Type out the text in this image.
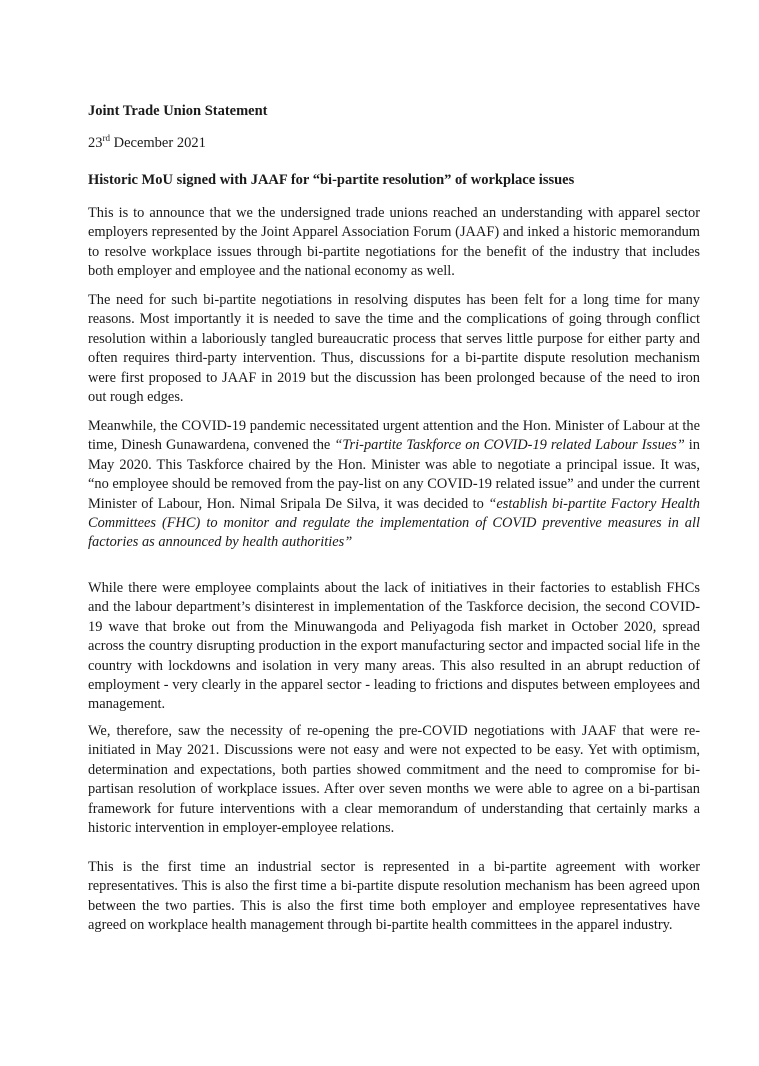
Joint Trade Union Statement
23rd December 2021
Historic MoU signed with JAAF for “bi-partite resolution” of workplace issues

This is to announce that we the undersigned trade unions reached an understanding with apparel sector employers represented by the Joint Apparel Association Forum (JAAF) and inked a historic memorandum to resolve workplace issues through bi-partite negotiations for the benefit of the industry that includes both employer and employee and the national economy as well.

The need for such bi-partite negotiations in resolving disputes has been felt for a long time for many reasons. Most importantly it is needed to save the time and the complications of going through conflict resolution within a laboriously tangled bureaucratic process that serves little purpose for either party and often requires third-party intervention. Thus, discussions for a bi-partite dispute resolution mechanism were first proposed to JAAF in 2019 but the discussion has been prolonged because of the need to iron out rough edges.

Meanwhile, the COVID-19 pandemic necessitated urgent attention and the Hon. Minister of Labour at the time, Dinesh Gunawardena, convened the “Tri-partite Taskforce on COVID-19 related Labour Issues” in May 2020. This Taskforce chaired by the Hon. Minister was able to negotiate a principal issue. It was, “no employee should be removed from the pay-list on any COVID-19 related issue” and under the current Minister of Labour, Hon. Nimal Sripala De Silva, it was decided to “establish bi-partite Factory Health Committees (FHC) to monitor and regulate the implementation of COVID preventive measures in all factories as announced by health authorities”

While there were employee complaints about the lack of initiatives in their factories to establish FHCs and the labour department’s disinterest in implementation of the Taskforce decision, the second COVID-19 wave that broke out from the Minuwangoda and Peliyagoda fish market in October 2020, spread across the country disrupting production in the export manufacturing sector and impacted social life in the country with lockdowns and isolation in very many areas. This also resulted in an abrupt reduction of employment - very clearly in the apparel sector - leading to frictions and disputes between employees and management.

We, therefore, saw the necessity of re-opening the pre-COVID negotiations with JAAF that were re-initiated in May 2021. Discussions were not easy and were not expected to be easy. Yet with optimism, determination and expectations, both parties showed commitment and the need to compromise for bi-partisan resolution of workplace issues. After over seven months we were able to agree on a bi-partisan framework for future interventions with a clear memorandum of understanding that certainly marks a historic intervention in employer-employee relations.

This is the first time an industrial sector is represented in a bi-partite agreement with worker representatives. This is also the first time a bi-partite dispute resolution mechanism has been agreed upon between the two parties. This is also the first time both employer and employee representatives have agreed on workplace health management through bi-partite health committees in the apparel industry.
